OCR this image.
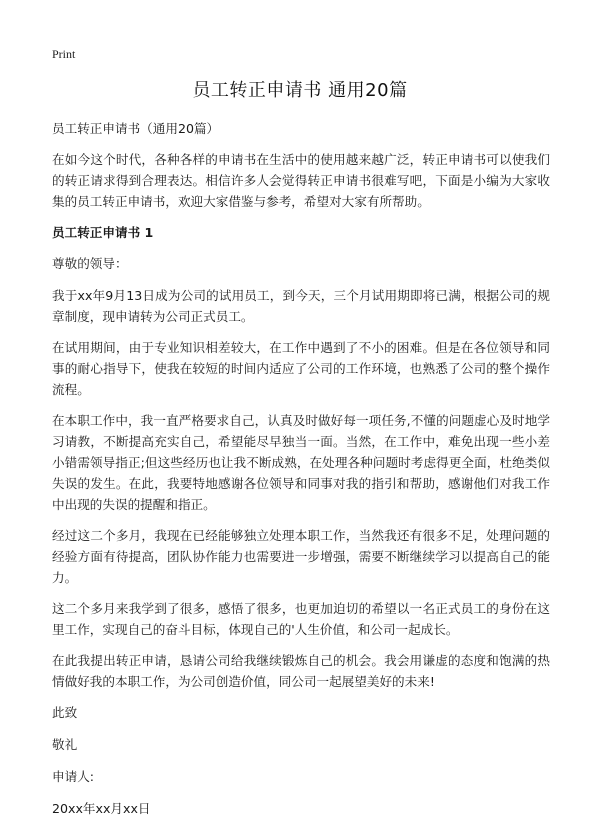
Print
员工转正申请书 通用20篇

员工转正申请书（通用20篇）

在如今这个时代，各种各样的申请书在生活中的使用越来越广泛，转正申请书可以使我们的转正请求得到合理表达。相信许多人会觉得转正申请书很难写吧，下面是小编为大家收集的员工转正申请书，欢迎大家借鉴与参考，希望对大家有所帮助。

员工转正申请书 1

尊敬的领导：

我于xx年9月13日成为公司的试用员工，到今天，三个月试用期即将已满，根据公司的规章制度，现申请转为公司正式员工。

在试用期间，由于专业知识相差较大，在工作中遇到了不小的困难。但是在各位领导和同事的耐心指导下，使我在较短的时间内适应了公司的工作环境，也熟悉了公司的整个操作流程。

在本职工作中，我一直严格要求自己，认真及时做好每一项任务,不懂的问题虚心及时地学习请教，不断提高充实自己，希望能尽早独当一面。当然，在工作中，难免出现一些小差小错需领导指正;但这些经历也让我不断成熟，在处理各种问题时考虑得更全面，杜绝类似失误的发生。在此，我要特地感谢各位领导和同事对我的指引和帮助，感谢他们对我工作中出现的失误的提醒和指正。

经过这二个多月，我现在已经能够独立处理本职工作，当然我还有很多不足，处理问题的经验方面有待提高，团队协作能力也需要进一步增强，需要不断继续学习以提高自己的能力。

这二个多月来我学到了很多，感悟了很多，也更加迫切的希望以一名正式员工的身份在这里工作，实现自己的奋斗目标，体现自己的'人生价值，和公司一起成长。

在此我提出转正申请，恳请公司给我继续锻炼自己的机会。我会用谦虚的态度和饱满的热情做好我的本职工作，为公司创造价值，同公司一起展望美好的未来!

此致

敬礼

申请人:

20xx年xx月xx日
